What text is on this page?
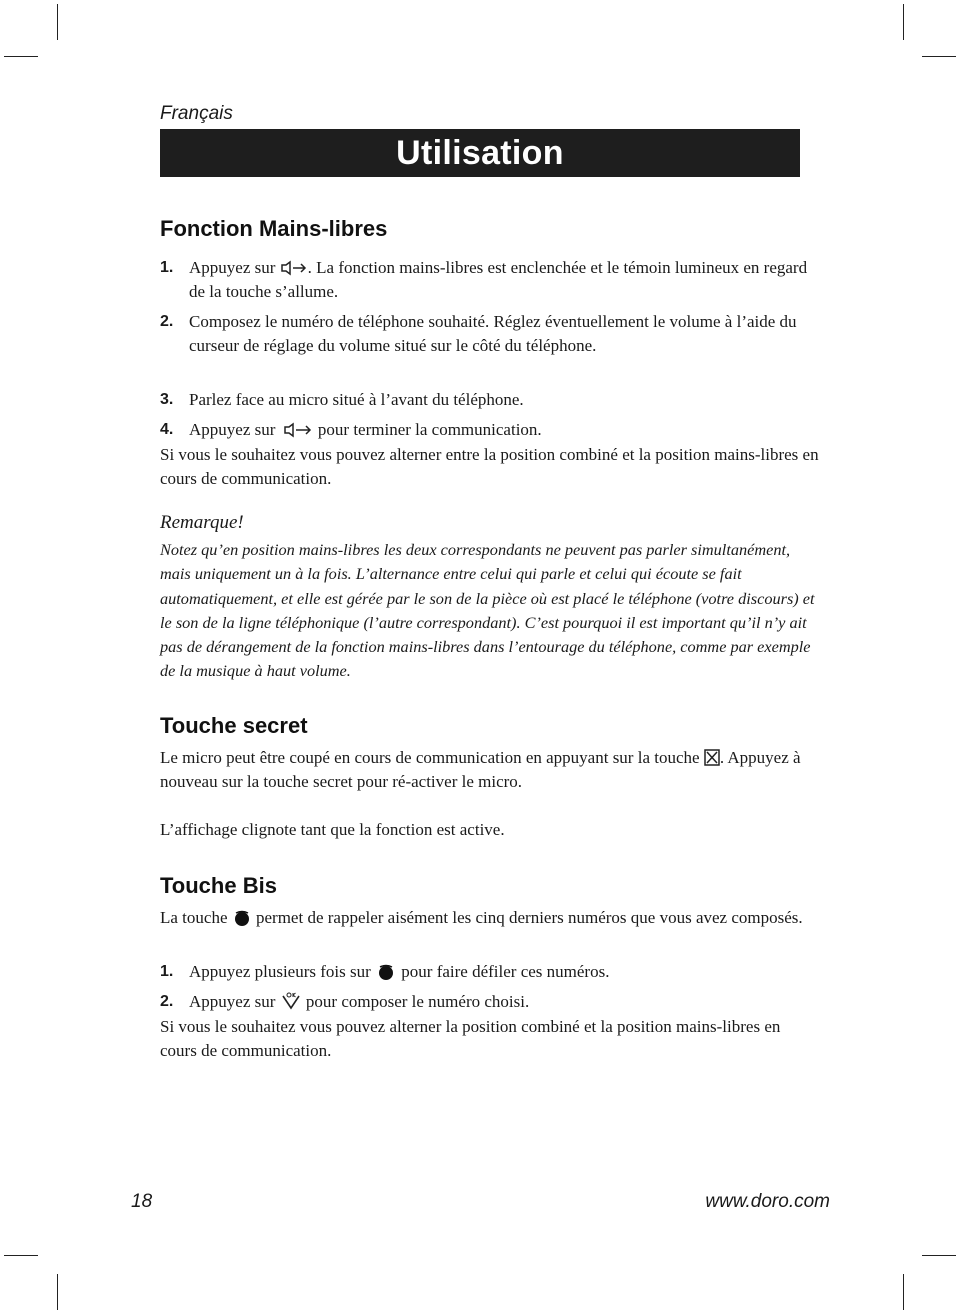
Français
Utilisation
Fonction Mains-libres
1. Appuyez sur . La fonction mains-libres est enclenchée et le témoin lumineux en regard de la touche s’allume.
2. Composez le numéro de téléphone souhaité. Réglez éventuellement le volume à l’aide du curseur de réglage du volume situé sur le côté du téléphone.
3. Parlez face au micro situé à l’avant du téléphone.
4. Appuyez sur  pour terminer la communication.
Si vous le souhaitez vous pouvez alterner entre la position combiné et la position mains-libres en cours de communication.
Remarque!
Notez qu’en position mains-libres les deux correspondants ne peuvent pas parler simultanément, mais uniquement un à la fois. L’alternance entre celui qui parle et celui qui écoute se fait automatiquement, et elle est gérée par le son de la pièce où est placé le téléphone (votre discours) et le son de la ligne téléphonique (l’autre correspondant). C’est pourquoi il est important qu’il n’y ait pas de dérangement de la fonction mains-libres dans l’entourage du téléphone, comme par exemple de la musique à haut volume.
Touche secret
Le micro peut être coupé en cours de communication en appuyant sur la touche . Appuyez à nouveau sur la touche secret pour ré-activer le micro.
L’affichage clignote tant que la fonction est active.
Touche Bis
La touche  permet de rappeler aisément les cinq derniers numéros que vous avez composés.
1. Appuyez plusieurs fois sur  pour faire défiler ces numéros.
2. Appuyez sur  pour composer le numéro choisi.
Si vous le souhaitez vous pouvez alterner la position combiné et la position mains-libres en cours de communication.
18	www.doro.com
